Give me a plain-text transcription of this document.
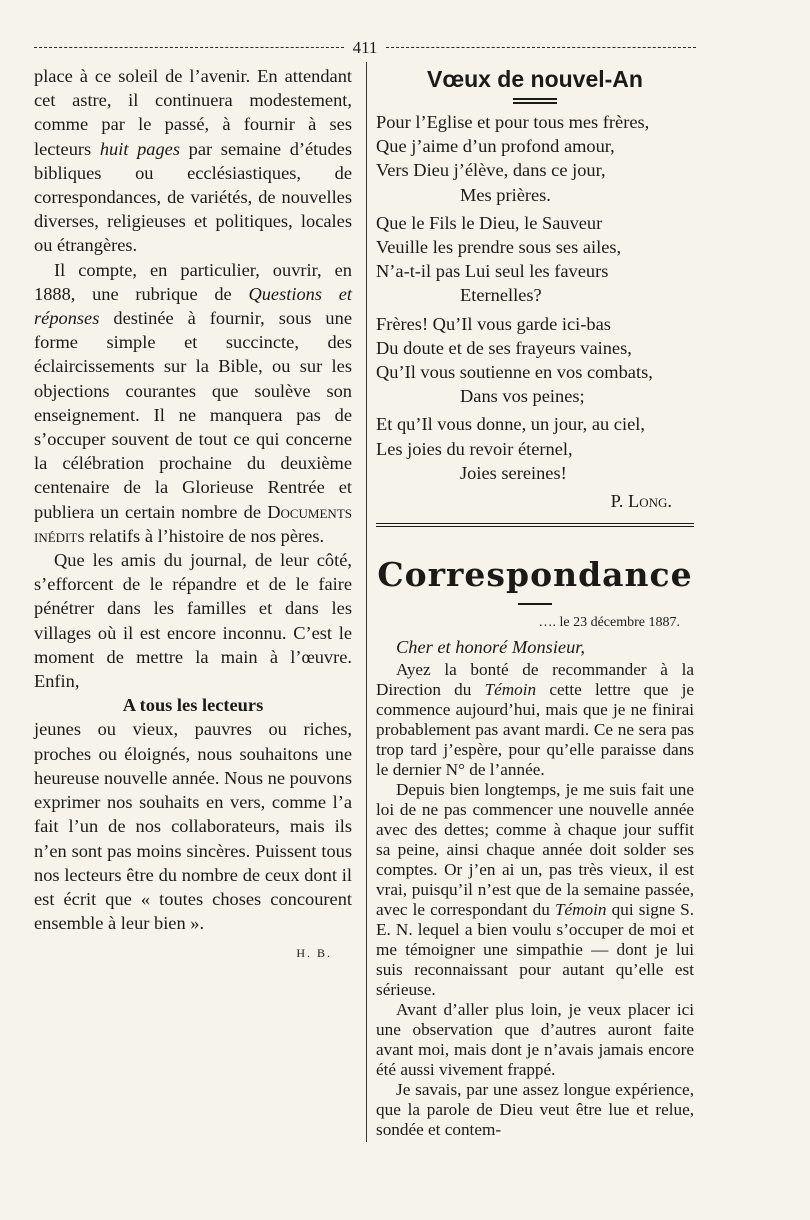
411

place à ce soleil de l’avenir. En attendant cet astre, il continuera modestement, comme par le passé, à fournir à ses lecteurs huit pages par semaine d’études bibliques ou ecclésiastiques, de correspondances, de variétés, de nouvelles diverses, religieuses et politiques, locales ou étrangères.

Il compte, en particulier, ouvrir, en 1888, une rubrique de Questions et réponses destinée à fournir, sous une forme simple et succincte, des éclaircissements sur la Bible, ou sur les objections courantes que soulève son enseignement. Il ne manquera pas de s’occuper souvent de tout ce qui concerne la célébration prochaine du deuxième centenaire de la Glorieuse Rentrée et publiera un certain nombre de Documents inédits relatifs à l’histoire de nos pères.

Que les amis du journal, de leur côté, s’efforcent de le répandre et de le faire pénétrer dans les familles et dans les villages où il est encore inconnu. C’est le moment de mettre la main à l’œuvre. Enfin,

A tous les lecteurs

jeunes ou vieux, pauvres ou riches, proches ou éloignés, nous souhaitons une heureuse nouvelle année. Nous ne pouvons exprimer nos souhaits en vers, comme l’a fait l’un de nos collaborateurs, mais ils n’en sont pas moins sincères. Puissent tous nos lecteurs être du nombre de ceux dont il est écrit que « toutes choses concourent ensemble à leur bien ».

H. B.
Vœux de nouvel-An

Pour l’Eglise et pour tous mes frères,

Que j’aime d’un profond amour,

Vers Dieu j’élève, dans ce jour,

Mes prières.

Que le Fils le Dieu, le Sauveur

Veuille les prendre sous ses ailes,

N’a-t-il pas Lui seul les faveurs

Eternelles?

Frères! Qu’Il vous garde ici-bas

Du doute et de ses frayeurs vaines,

Qu’Il vous soutienne en vos combats,

Dans vos peines;

Et qu’Il vous donne, un jour, au ciel,

Les joies du revoir éternel,

Joies sereines!

P. Long.
Correspondance
…. le 23 décembre 1887.
Cher et honoré Monsieur,

Ayez la bonté de recommander à la Direction du Témoin cette lettre que je commence aujourd’hui, mais que je ne finirai probablement pas avant mardi. Ce ne sera pas trop tard j’espère, pour qu’elle paraisse dans le dernier N° de l’année.

Depuis bien longtemps, je me suis fait une loi de ne pas commencer une nouvelle année avec des dettes; comme à chaque jour suffit sa peine, ainsi chaque année doit solder ses comptes. Or j’en ai un, pas très vieux, il est vrai, puisqu’il n’est que de la semaine passée, avec le correspondant du Témoin qui signe S. E. N. lequel a bien voulu s’occuper de moi et me témoigner une simpathie — dont je lui suis reconnaissant pour autant qu’elle est sérieuse.

Avant d’aller plus loin, je veux placer ici une observation que d’autres auront faite avant moi, mais dont je n’avais jamais encore été aussi vivement frappé.

Je savais, par une assez longue expérience, que la parole de Dieu veut être lue et relue, sondée et contem-
